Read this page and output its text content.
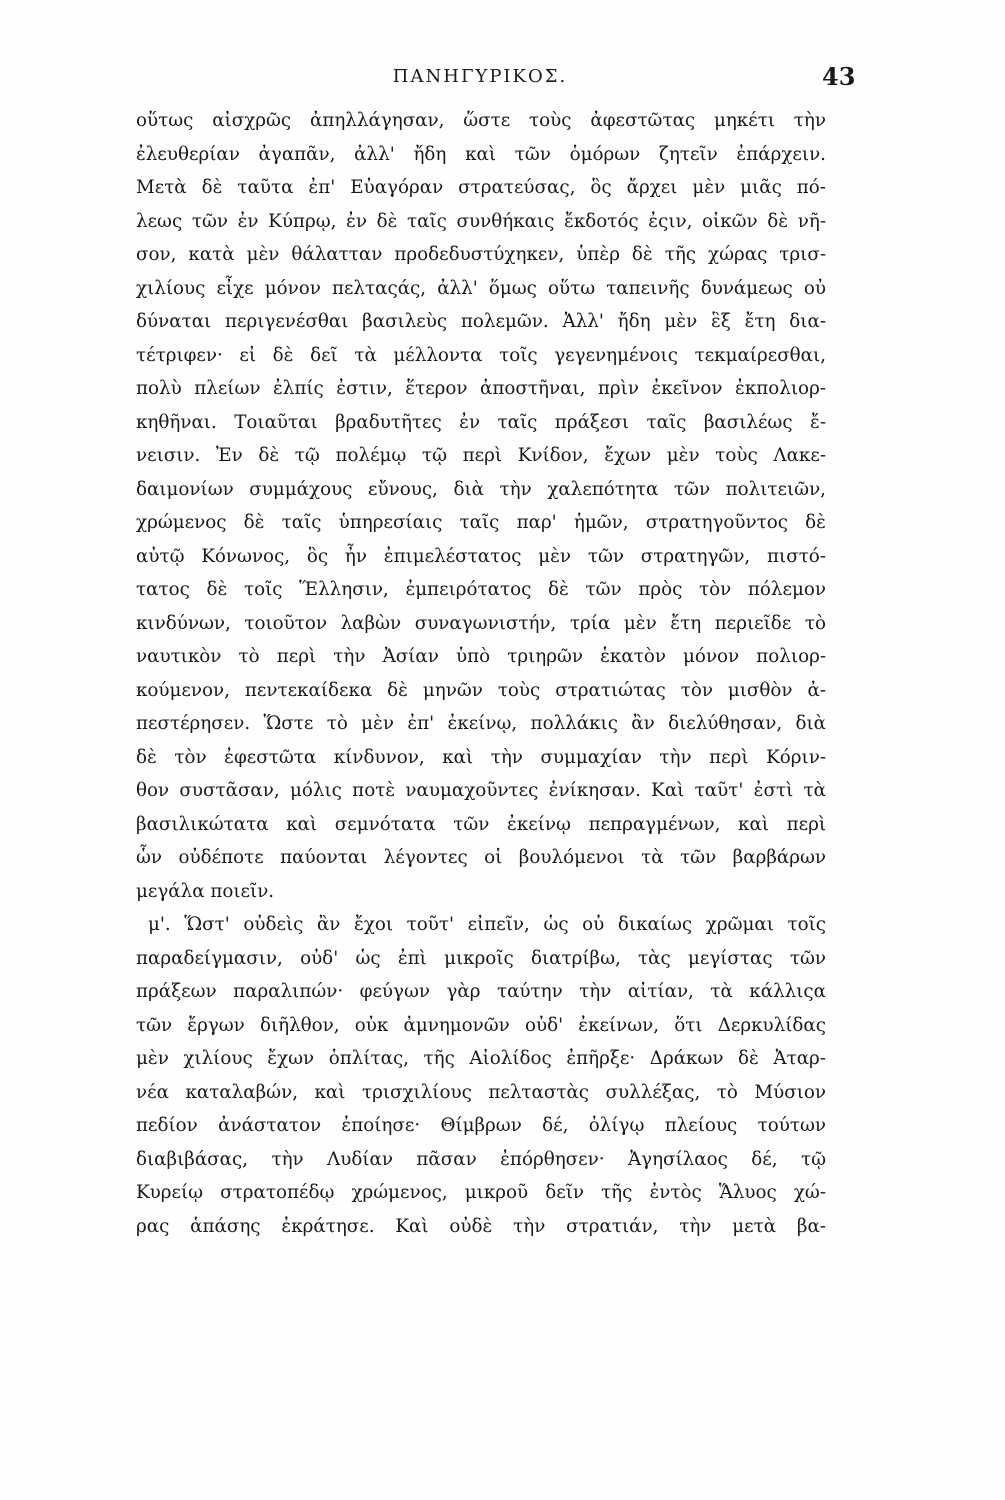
ΠΑΝΗΓΥΡΙΚΟΣ.	43
οὕτως αἰσχρῶς ἀπηλλάγησαν, ὥστε τοὺς ἀφεστῶτας μηκέτι τὴν
ἐλευθερίαν ἀγαπᾶν, ἀλλ' ἤδη καὶ τῶν ὁμόρων ζητεῖν ἐπάρχειν.
Μετὰ δὲ ταῦτα ἐπ' Εὐαγόραν στρατεύσας, ὃς ἄρχει μὲν μιᾶς πό-
λεως τῶν ἐν Κύπρῳ, ἐν δὲ ταῖς συνθήκαις ἔκδοτός ἐςιν, οἰκῶν δὲ νῆ-
σον, κατὰ μὲν θάλατταν προδεδυστύχηκεν, ὑπὲρ δὲ τῆς χώρας τρισ-
χιλίους εἶχε μόνον πελταςάς, ἀλλ' ὅμως οὕτω ταπεινῆς δυνάμεως οὐ
δύναται περιγενέσθαι βασιλεὺς πολεμῶν. Ἀλλ' ἤδη μὲν ἓξ ἔτη δια-
τέτριφεν· εἰ δὲ δεῖ τὰ μέλλοντα τοῖς γεγενημένοις τεκμαίρεσθαι,
πολὺ πλείων ἐλπίς ἐστιν, ἕτερον ἀποστῆναι, πρὶν ἐκεῖνον ἐκπολιορ-
κηθῆναι. Τοιαῦται βραδυτῆτες ἐν ταῖς πράξεσι ταῖς βασιλέως ἔ-
νεισιν. Ἐν δὲ τῷ πολέμῳ τῷ περὶ Κνίδον, ἔχων μὲν τοὺς Λακε-
δαιμονίων συμμάχους εὔνους, διὰ τὴν χαλεπότητα τῶν πολιτειῶν,
χρώμενος δὲ ταῖς ὑπηρεσίαις ταῖς παρ' ἡμῶν, στρατηγοῦντος δὲ
αὐτῷ Κόνωνος, ὃς ἦν ἐπιμελέστατος μὲν τῶν στρατηγῶν, πιστό-
τατος δὲ τοῖς Ἕλλησιν, ἐμπειρότατος δὲ τῶν πρὸς τὸν πόλεμον
κινδύνων, τοιοῦτον λαβὼν συναγωνιστήν, τρία μὲν ἔτη περιεῖδε τὸ
ναυτικὸν τὸ περὶ τὴν Ἀσίαν ὑπὸ τριηρῶν ἑκατὸν μόνον πολιορ-
κούμενον, πεντεκαίδεκα δὲ μηνῶν τοὺς στρατιώτας τὸν μισθὸν ἀ-
πεστέρησεν. Ὥστε τὸ μὲν ἐπ' ἐκείνῳ, πολλάκις ἂν διελύθησαν, διὰ
δὲ τὸν ἐφεστῶτα κίνδυνον, καὶ τὴν συμμαχίαν τὴν περὶ Κόριν-
θον συστᾶσαν, μόλις ποτὲ ναυμαχοῦντες ἐνίκησαν. Καὶ ταῦτ' ἐστὶ τὰ
βασιλικώτατα καὶ σεμνότατα τῶν ἐκείνῳ πεπραγμένων, καὶ περὶ
ὧν οὐδέποτε παύονται λέγοντες οἱ βουλόμενοι τὰ τῶν βαρβάρων
μεγάλα ποιεῖν.
μ'. Ὥστ' οὐδεὶς ἂν ἔχοι τοῦτ' εἰπεῖν, ὡς οὐ δικαίως χρῶμαι τοῖς
παραδείγμασιν, οὐδ' ὡς ἐπὶ μικροῖς διατρίβω, τὰς μεγίστας τῶν
πράξεων παραλιπών· φεύγων γὰρ ταύτην τὴν αἰτίαν, τὰ κάλλιςα
τῶν ἔργων διῆλθον, οὐκ ἀμνημονῶν οὐδ' ἐκείνων, ὅτι Δερκυλίδας
μὲν χιλίους ἔχων ὁπλίτας, τῆς Αἰολίδος ἐπῆρξε· Δράκων δὲ Ἀταρ-
νέα καταλαβών, καὶ τρισχιλίους πελταστὰς συλλέξας, τὸ Μύσιον
πεδίον ἀνάστατον ἐποίησε· Θίμβρων δέ, ὀλίγῳ πλείους τούτων
διαβιβάσας, τὴν Λυδίαν πᾶσαν ἐπόρθησεν· Ἀγησίλαος δέ, τῷ
Κυρείῳ στρατοπέδῳ χρώμενος, μικροῦ δεῖν τῆς ἐντὸς Ἅλυος χώ-
ρας ἁπάσης ἐκράτησε. Καὶ οὐδὲ τὴν στρατιάν, τὴν μετὰ βα-
